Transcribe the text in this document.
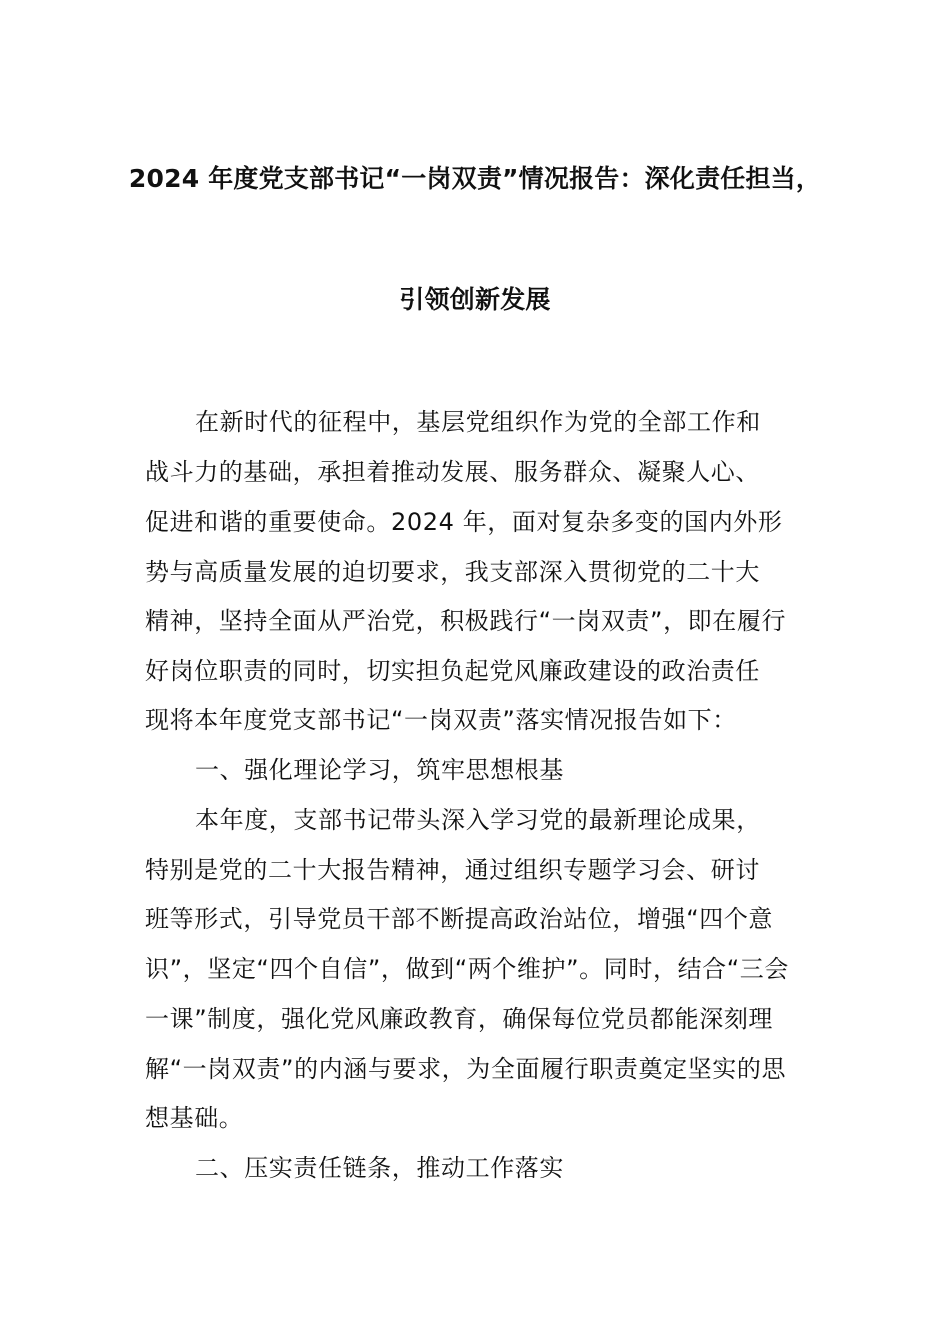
2024 年度党支部书记“一岗双责”情况报告：深化责任担当，
引领创新发展
在新时代的征程中，基层党组织作为党的全部工作和
战斗力的基础，承担着推动发展、服务群众、凝聚人心、
促进和谐的重要使命。2024 年，面对复杂多变的国内外形
势与高质量发展的迫切要求，我支部深入贯彻党的二十大
精神，坚持全面从严治党，积极践行“一岗双责”，即在履行
好岗位职责的同时，切实担负起党风廉政建设的政治责任
现将本年度党支部书记“一岗双责”落实情况报告如下：
一、强化理论学习，筑牢思想根基
本年度，支部书记带头深入学习党的最新理论成果，
特别是党的二十大报告精神，通过组织专题学习会、研讨
班等形式，引导党员干部不断提高政治站位，增强“四个意
识”，坚定“四个自信”，做到“两个维护”。同时，结合“三会
一课”制度，强化党风廉政教育，确保每位党员都能深刻理
解“一岗双责”的内涵与要求，为全面履行职责奠定坚实的思
想基础。
二、压实责任链条，推动工作落实
